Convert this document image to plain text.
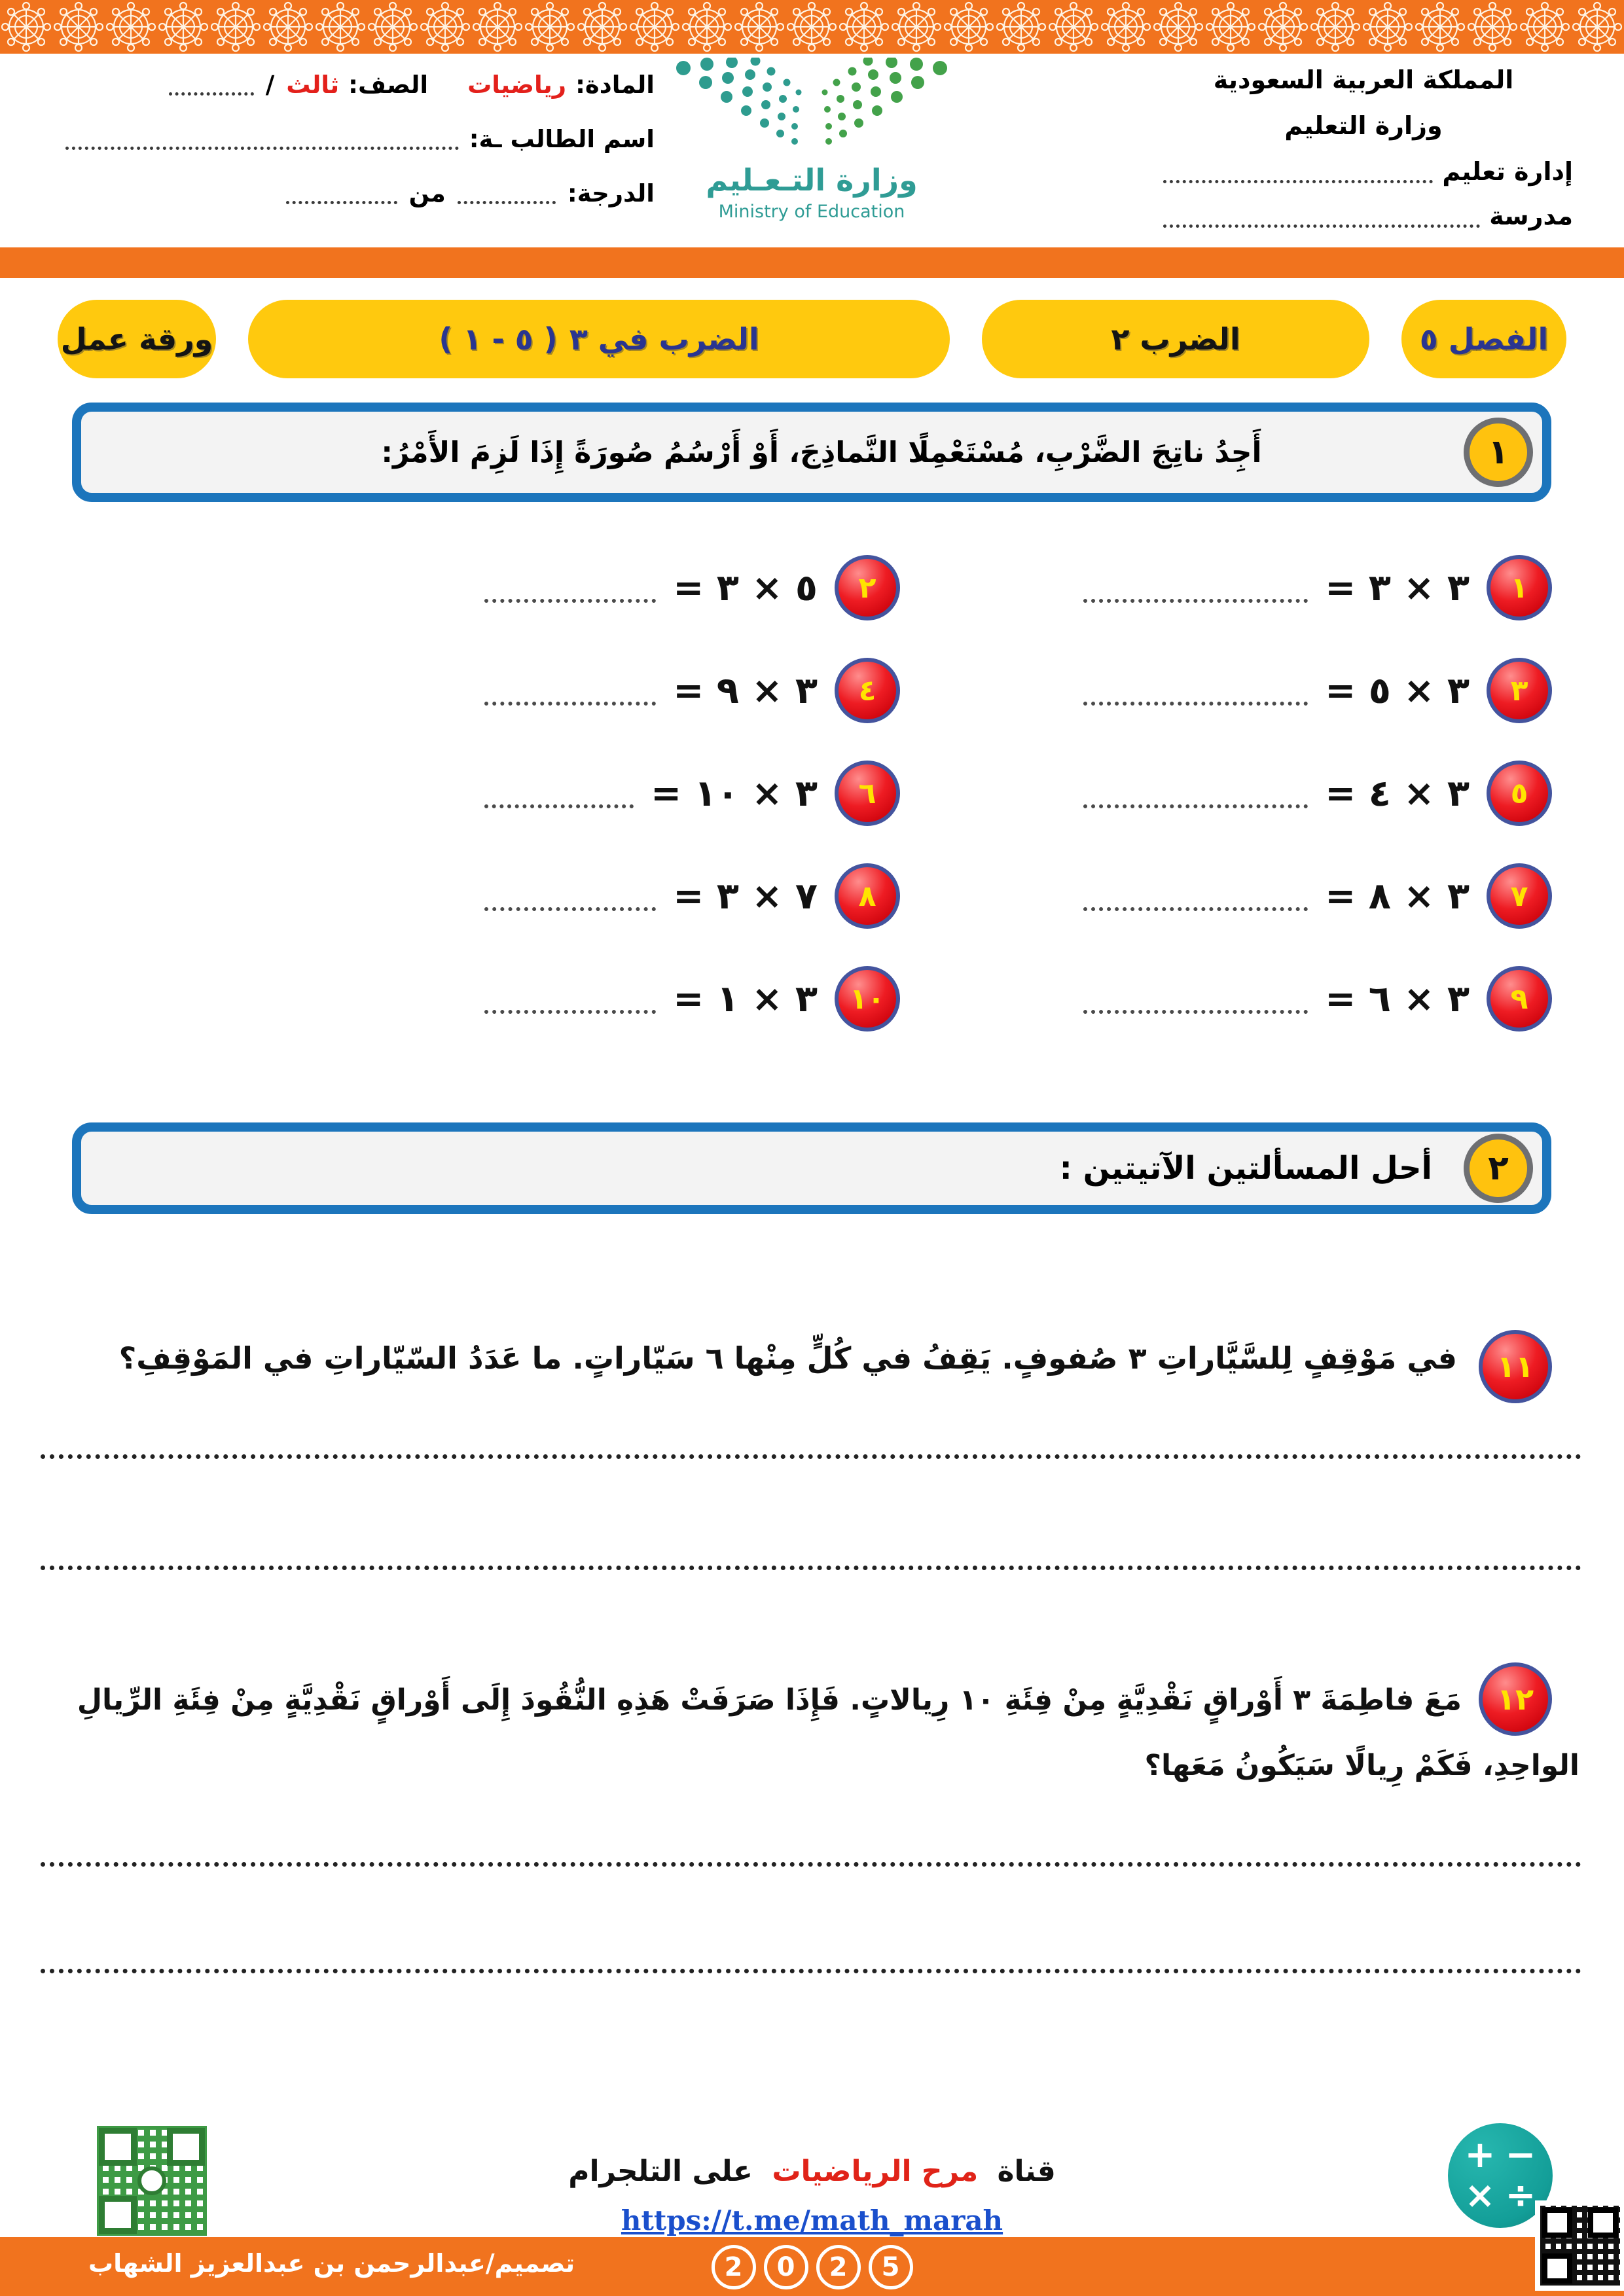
المملكة العربية السعودية
وزارة التعليم
إدارة تعليم
مدرسة
وزارة التـعـليم
Ministry of Education
المادة:
رياضيات
الصف:
ثالث
/
اسم الطالب ـة:
الدرجة:
من
الفصل ٥
الضرب ٢
( ٥ - ١ ) الضرب في ٣
ورقة عمل
١
أَجِدُ ناتِجَ الضَّرْبِ، مُسْتَعْمِلًا النَّماذِجَ، أَوْ أَرْسُمُ صُورَةً إِذَا لَزِمَ الأَمْرُ:
١
= ٣ × ٣
٢
= ٥ × ٣
٣
= ٣ × ٥
٤
= ٣ × ٩
٥
= ٣ × ٤
٦
= ٣ × ١٠
٧
= ٣ × ٨
٨
= ٧ × ٣
٩
= ٣ × ٦
١٠
= ٣ × ١
٢
أحل المسألتين الآتيتين :
١١
في مَوْقِفٍ لِلسَّيَّاراتِ ٣ صُفوفٍ. يَقِفُ في كُلٍّ مِنْها ٦ سَيّاراتٍ. ما عَدَدُ السّيّاراتِ في المَوْقِفِ؟
١٢
مَعَ فاطِمَةَ ٣ أَوْراقٍ نَقْدِيَّةٍ مِنْ فِئَةِ ١٠ رِيالاتٍ. فَإِذَا صَرَفَتْ هَذِهِ النُّقُودَ إِلَى أَوْراقٍ نَقْدِيَّةٍ مِنْ فِئَةِ الرِّيالِ الواحِدِ، فَكَمْ رِيالًا سَيَكُونُ مَعَها؟
قناة مرح الرياضيات على التلجرام
https://t.me/math_marah
+ −
× ÷
تصميم/عبدالرحمن بن عبدالعزيز الشهاب	2	0	2	5
